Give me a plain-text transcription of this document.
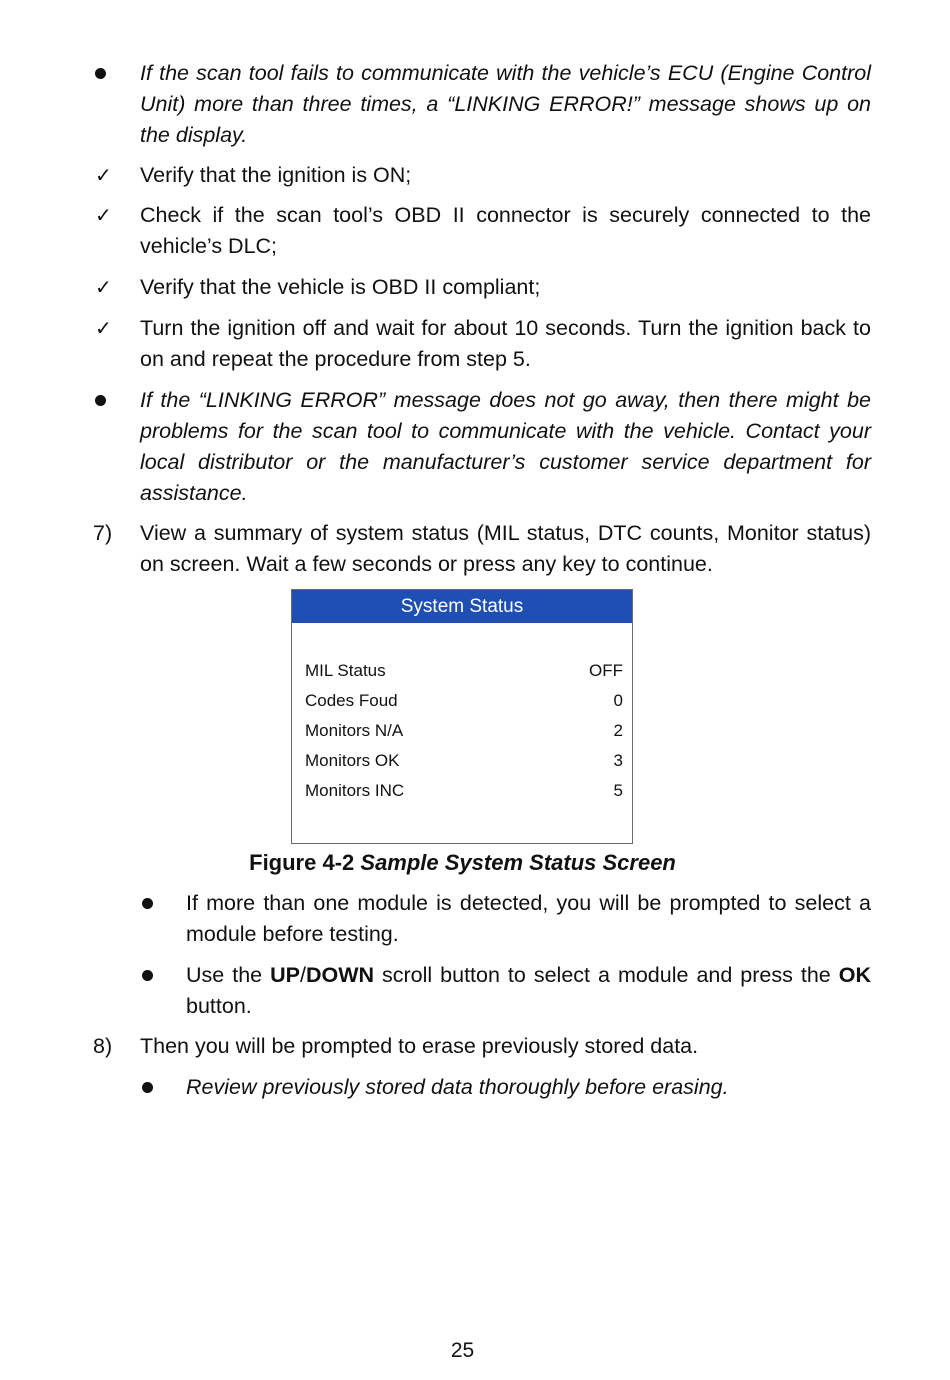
If the scan tool fails to communicate with the vehicle’s ECU (Engine Control Unit) more than three times, a “LINKING ERROR!” message shows up on the display.
✓ Verify that the ignition is ON;
✓ Check if the scan tool’s OBD II connector is securely connected to the vehicle’s DLC;
✓ Verify that the vehicle is OBD II compliant;
✓ Turn the ignition off and wait for about 10 seconds. Turn the ignition back to on and repeat the procedure from step 5.
If the “LINKING ERROR” message does not go away, then there might be problems for the scan tool to communicate with the vehicle. Contact your local distributor or the manufacturer’s customer service department for assistance.
7) View a summary of system status (MIL status, DTC counts, Monitor status) on screen. Wait a few seconds or press any key to continue.
System Status
MIL Status	OFF
Codes Foud	0
Monitors N/A	2
Monitors OK	3
Monitors INC	5
Figure 4-2 Sample System Status Screen
If more than one module is detected, you will be prompted to select a module before testing.
Use the UP/DOWN scroll button to select a module and press the OK button.
8) Then you will be prompted to erase previously stored data.
Review previously stored data thoroughly before erasing.
25
